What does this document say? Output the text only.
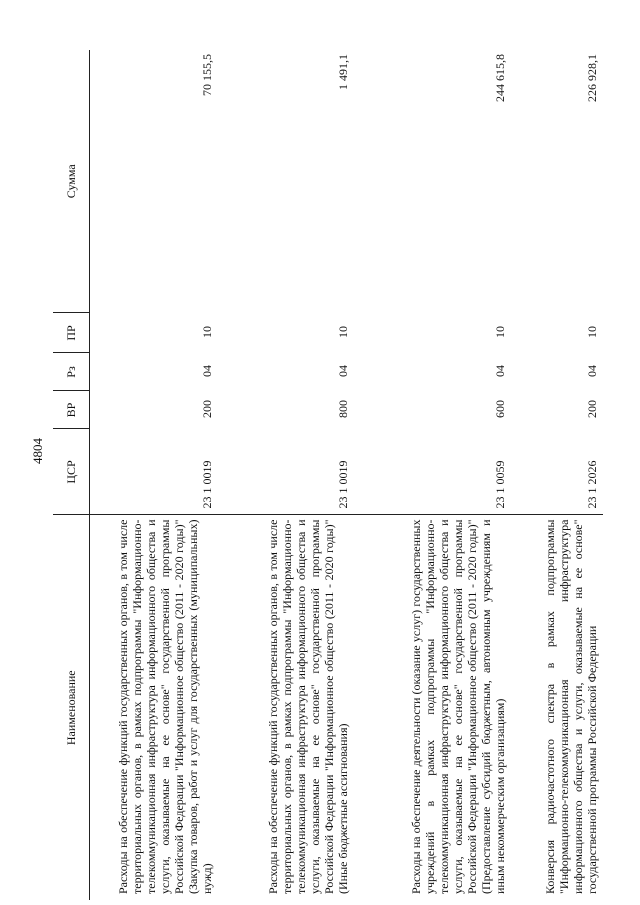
4804
Наименование	ЦСР	ВР	Рз	ПР	Сумма
Расходы на обеспечение функций государственных органов, в том числе территориальных органов, в рамках подпрограммы "Информационно-телекоммуникационная инфраструктура информационного общества и услуги, оказываемые на ее основе" государственной программы Российской Федерации "Информационное общество (2011 - 2020 годы)" (Закупка товаров, работ и услуг для государственных (муниципальных) нужд)	23 1 0019	200	04	10	70 155,5
Расходы на обеспечение функций государственных органов, в том числе территориальных органов, в рамках подпрограммы "Информационно-телекоммуникационная инфраструктура информационного общества и услуги, оказываемые на ее основе" государственной программы Российской Федерации "Информационное общество (2011 - 2020 годы)" (Иные бюджетные ассигнования)	23 1 0019	800	04	10	1 491,1
Расходы на обеспечение деятельности (оказание услуг) государственных учреждений в рамках подпрограммы "Информационно-телекоммуникационная инфраструктура информационного общества и услуги, оказываемые на ее основе" государственной программы Российской Федерации "Информационное общество (2011 - 2020 годы)" (Предоставление субсидий бюджетным, автономным учреждениям и иным некоммерческим организациям)	23 1 0059	600	04	10	244 615,8
Конверсия радиочастотного спектра в рамках подпрограммы "Информационно-телекоммуникационная инфраструктура информационного общества и услуги, оказываемые на ее основе" государственной программы Российской Федерации	23 1 2026	200	04	10	226 928,1
